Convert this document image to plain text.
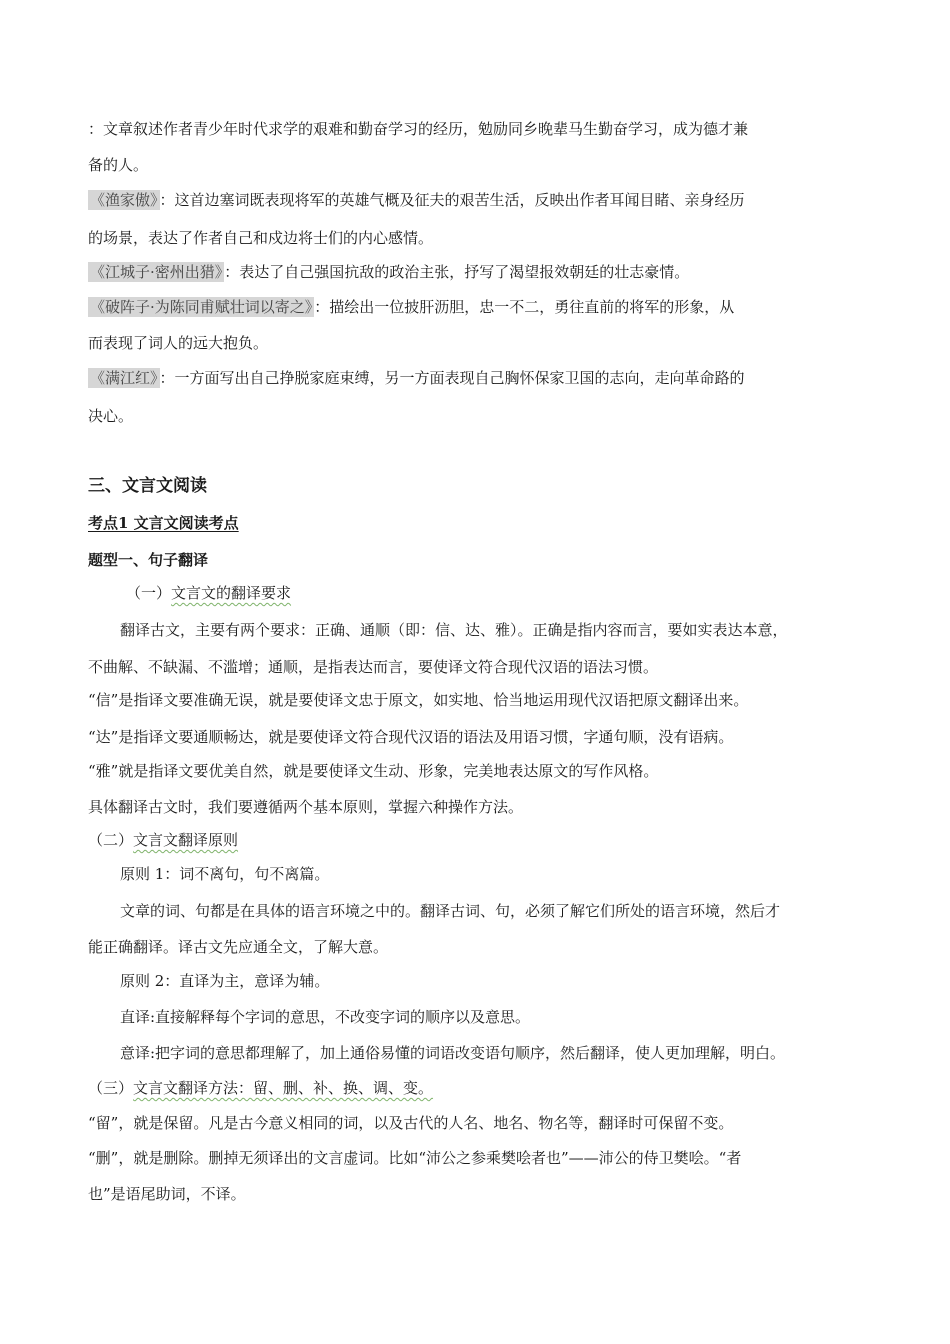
：文章叙述作者青少年时代求学的艰难和勤奋学习的经历，勉励同乡晚辈马生勤奋学习，成为德才兼
备的人。
《渔家傲》 ：这首边塞词既表现将军的英雄气概及征夫的艰苦生活，反映出作者耳闻目睹、亲身经历
的场景，表达了作者自己和戍边将士们的内心感情。
《江城子·密州出猎》 ：表达了自己强国抗敌的政治主张，抒写了渴望报效朝廷的壮志豪情。
《破阵子·为陈同甫赋壮词以寄之》 ：描绘出一位披肝沥胆，忠一不二，勇往直前的将军的形象，从
而表现了词人的远大抱负。
《满江红》 ：一方面写出自己挣脱家庭束缚，另一方面表现自己胸怀保家卫国的志向，走向革命路的
决心。
三、文言文阅读
考点1 文言文阅读考点
题型一、句子翻译
（一）文言文的翻译要求
翻译古文，主要有两个要求：正确、通顺（即：信、达、雅）。正确是指内容而言，要如实表达本意，
不曲解、不缺漏、不滥增；通顺，是指表达而言，要使译文符合现代汉语的语法习惯。
“信”是指译文要准确无误，就是要使译文忠于原文，如实地、恰当地运用现代汉语把原文翻译出来。
“达”是指译文要通顺畅达，就是要使译文符合现代汉语的语法及用语习惯，字通句顺，没有语病。
“雅”就是指译文要优美自然，就是要使译文生动、形象，完美地表达原文的写作风格。
具体翻译古文时，我们要遵循两个基本原则，掌握六种操作方法。
（二）文言文翻译原则
原则 1：词不离句，句不离篇。
文章的词、句都是在具体的语言环境之中的。翻译古词、句，必须了解它们所处的语言环境，然后才
能正确翻译。译古文先应通全文，了解大意。
原则 2：直译为主，意译为辅。
直译:直接解释每个字词的意思，不改变字词的顺序以及意思。
意译:把字词的意思都理解了，加上通俗易懂的词语改变语句顺序，然后翻译，使人更加理解，明白。
（三）文言文翻译方法：留、删、补、换、调、变。
“留”，就是保留。凡是古今意义相同的词，以及古代的人名、地名、物名等，翻译时可保留不变。
“删”，就是删除。删掉无须译出的文言虚词。比如“沛公之参乘樊哙者也”——沛公的侍卫樊哙。“者
也”是语尾助词，不译。
